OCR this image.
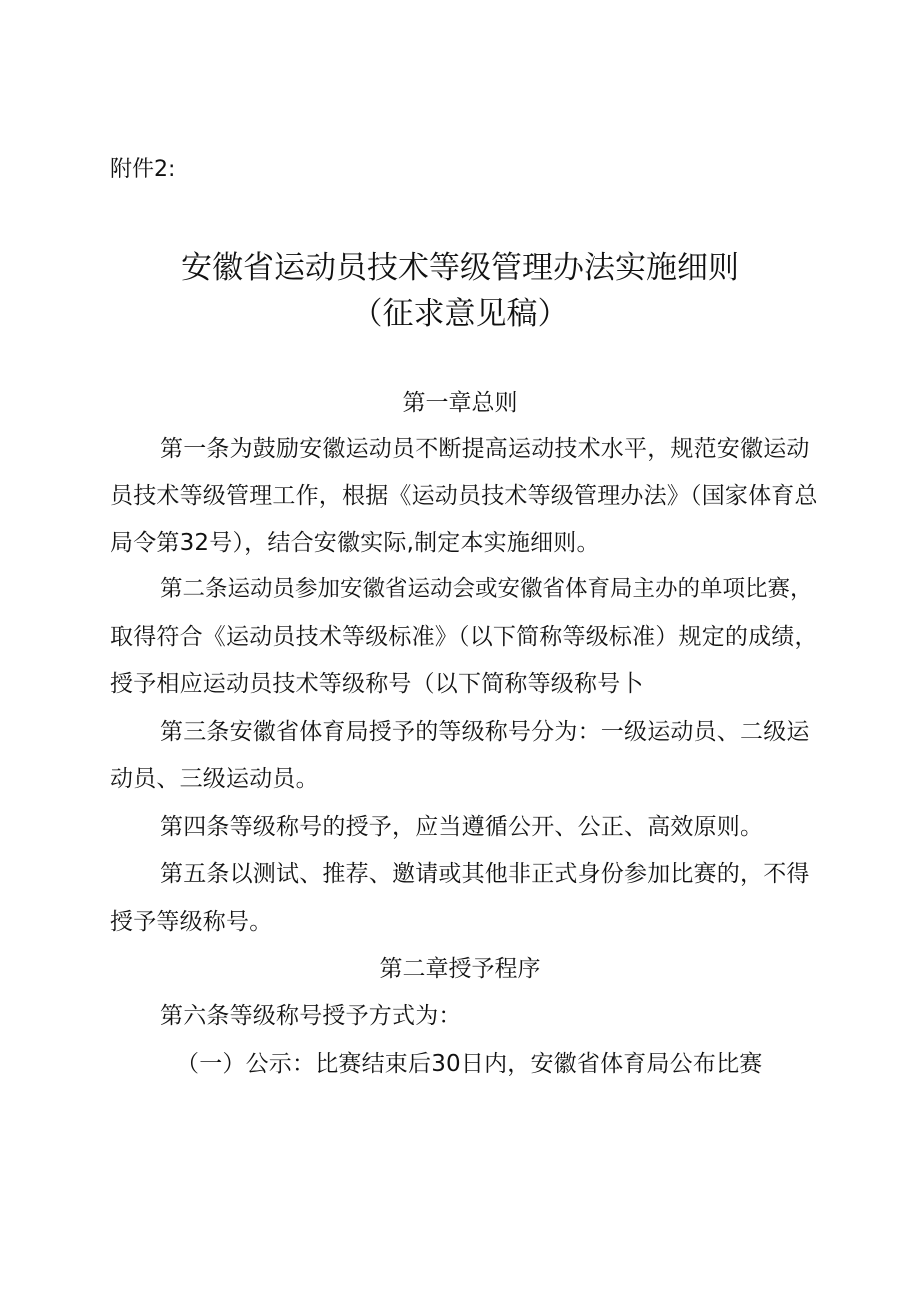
附件2:
安徽省运动员技术等级管理办法实施细则
（征求意见稿）
第一章总则
第一条为鼓励安徽运动员不断提高运动技术水平，规范安徽运动
员技术等级管理工作，根据《运动员技术等级管理办法》（国家体育总
局令第32号），结合安徽实际,制定本实施细则。
第二条运动员参加安徽省运动会或安徽省体育局主办的单项比赛，
取得符合《运动员技术等级标准》（以下简称等级标准）规定的成绩，
授予相应运动员技术等级称号（以下简称等级称号卜
第三条安徽省体育局授予的等级称号分为：一级运动员、二级运
动员、三级运动员。
第四条等级称号的授予，应当遵循公开、公正、高效原则。
第五条以测试、推荐、邀请或其他非正式身份参加比赛的，不得
授予等级称号。
第二章授予程序
第六条等级称号授予方式为：
（一）公示：比赛结束后30日内，安徽省体育局公布比赛
